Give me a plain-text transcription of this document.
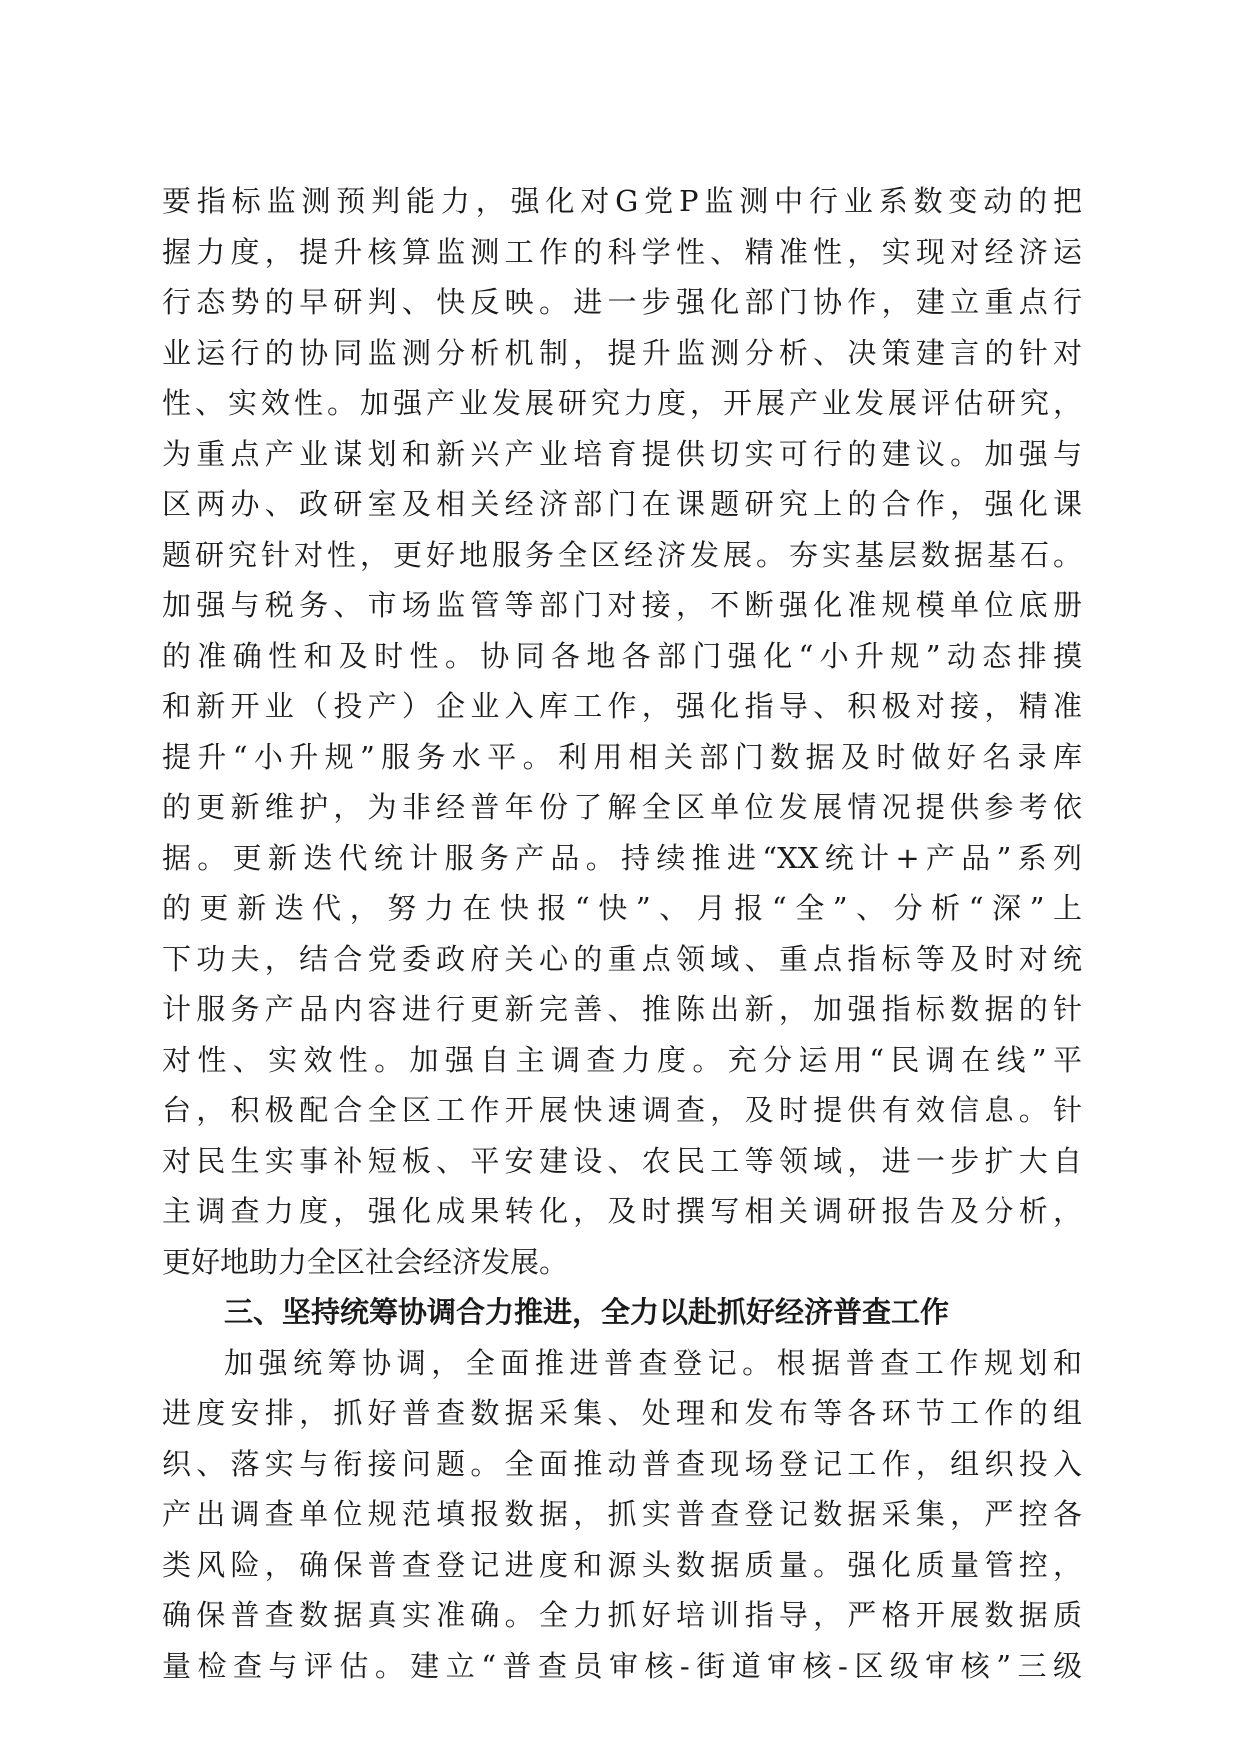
要指标监测预判能力，强化对G党P监测中行业系数变动的把
握力度，提升核算监测工作的科学性、精准性，实现对经济运
行态势的早研判、快反映。进一步强化部门协作，建立重点行
业运行的协同监测分析机制，提升监测分析、决策建言的针对
性、实效性。加强产业发展研究力度，开展产业发展评估研究，
为重点产业谋划和新兴产业培育提供切实可行的建议。加强与
区两办、政研室及相关经济部门在课题研究上的合作，强化课
题研究针对性，更好地服务全区经济发展。夯实基层数据基石。
加强与税务、市场监管等部门对接，不断强化准规模单位底册
的准确性和及时性。协同各地各部门强化“小升规”动态排摸
和新开业（投产）企业入库工作，强化指导、积极对接，精准
提升“小升规”服务水平。利用相关部门数据及时做好名录库
的更新维护，为非经普年份了解全区单位发展情况提供参考依
据。更新迭代统计服务产品。持续推进“XX统计+产品”系列
的更新迭代，努力在快报“快”、月报“全”、分析“深”上
下功夫，结合党委政府关心的重点领域、重点指标等及时对统
计服务产品内容进行更新完善、推陈出新，加强指标数据的针
对性、实效性。加强自主调查力度。充分运用“民调在线”平
台，积极配合全区工作开展快速调查，及时提供有效信息。针
对民生实事补短板、平安建设、农民工等领域，进一步扩大自
主调查力度，强化成果转化，及时撰写相关调研报告及分析，
更好地助力全区社会经济发展。
三、坚持统筹协调合力推进，全力以赴抓好经济普查工作
加强统筹协调，全面推进普查登记。根据普查工作规划和
进度安排，抓好普查数据采集、处理和发布等各环节工作的组
织、落实与衔接问题。全面推动普查现场登记工作，组织投入
产出调查单位规范填报数据，抓实普查登记数据采集，严控各
类风险，确保普查登记进度和源头数据质量。强化质量管控，
确保普查数据真实准确。全力抓好培训指导，严格开展数据质
量检查与评估。建立“普查员审核-街道审核-区级审核”三级
